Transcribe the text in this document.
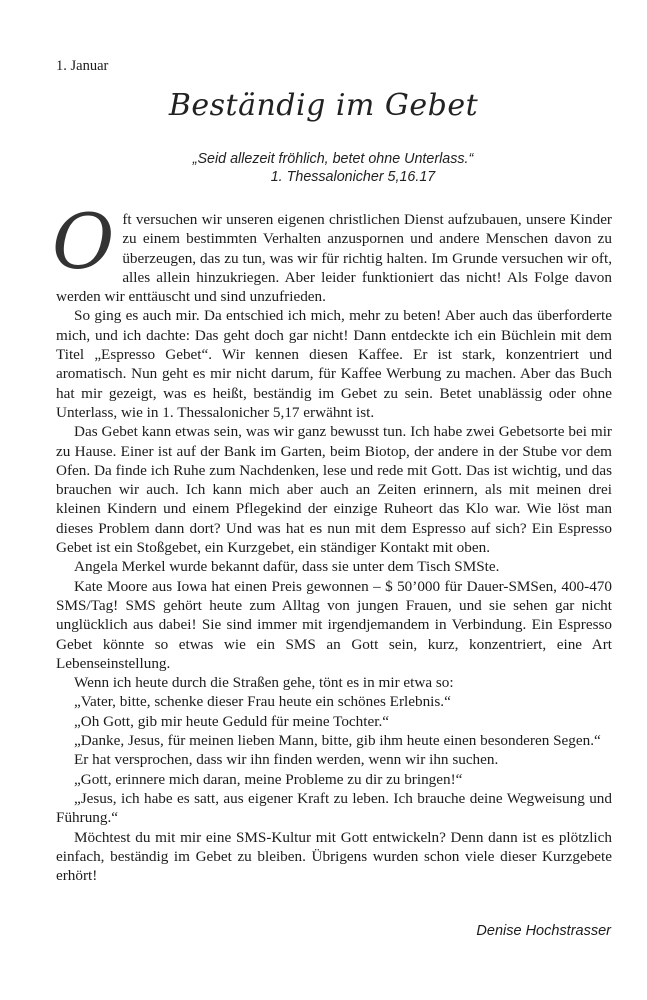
1. Januar
Beständig im Gebet
„Seid allezeit fröhlich, betet ohne Unterlass.“
1. Thessalonicher 5,16.17

Oft versuchen wir unseren eigenen christlichen Dienst aufzubauen, unsere Kinder zu einem bestimmten Verhalten anzuspornen und andere Menschen davon zu überzeugen, das zu tun, was wir für richtig halten. Im Grunde versuchen wir oft, alles allein hinzukriegen. Aber leider funktioniert das nicht! Als Folge davon werden wir enttäuscht und sind unzufrieden.

So ging es auch mir. Da entschied ich mich, mehr zu beten! Aber auch das überforderte mich, und ich dachte: Das geht doch gar nicht! Dann entdeckte ich ein Büchlein mit dem Titel „Espresso Gebet“. Wir kennen diesen Kaffee. Er ist stark, konzentriert und aromatisch. Nun geht es mir nicht darum, für Kaffee Werbung zu machen. Aber das Buch hat mir gezeigt, was es heißt, beständig im Gebet zu sein. Betet unablässig oder ohne Unterlass, wie in 1. Thessalonicher 5,17 erwähnt ist.

Das Gebet kann etwas sein, was wir ganz bewusst tun. Ich habe zwei Gebetsorte bei mir zu Hause. Einer ist auf der Bank im Garten, beim Biotop, der andere in der Stube vor dem Ofen. Da finde ich Ruhe zum Nachdenken, lese und rede mit Gott. Das ist wichtig, und das brauchen wir auch. Ich kann mich aber auch an Zeiten erinnern, als mit meinen drei kleinen Kindern und einem Pflegekind der einzige Ruheort das Klo war. Wie löst man dieses Problem dann dort? Und was hat es nun mit dem Espresso auf sich? Ein Espresso Gebet ist ein Stoßgebet, ein Kurzgebet, ein ständiger Kontakt mit oben.

Angela Merkel wurde bekannt dafür, dass sie unter dem Tisch SMSte.

Kate Moore aus Iowa hat einen Preis gewonnen – $ 50’000 für Dauer-SMSen, 400-470 SMS/Tag! SMS gehört heute zum Alltag von jungen Frauen, und sie sehen gar nicht unglücklich aus dabei! Sie sind immer mit irgendjemandem in Verbindung. Ein Espresso Gebet könnte so etwas wie ein SMS an Gott sein, kurz, konzentriert, eine Art Lebenseinstellung.

Wenn ich heute durch die Straßen gehe, tönt es in mir etwa so:

„Vater, bitte, schenke dieser Frau heute ein schönes Erlebnis.“

„Oh Gott, gib mir heute Geduld für meine Tochter.“

„Danke, Jesus, für meinen lieben Mann, bitte, gib ihm heute einen besonderen Segen.“

Er hat versprochen, dass wir ihn finden werden, wenn wir ihn suchen.

„Gott, erinnere mich daran, meine Probleme zu dir zu bringen!“

„Jesus, ich habe es satt, aus eigener Kraft zu leben. Ich brauche deine Wegweisung und Führung.“

Möchtest du mit mir eine SMS-Kultur mit Gott entwickeln? Denn dann ist es plötzlich einfach, beständig im Gebet zu bleiben. Übrigens wurden schon viele dieser Kurzgebete erhört!

Denise Hochstrasser
